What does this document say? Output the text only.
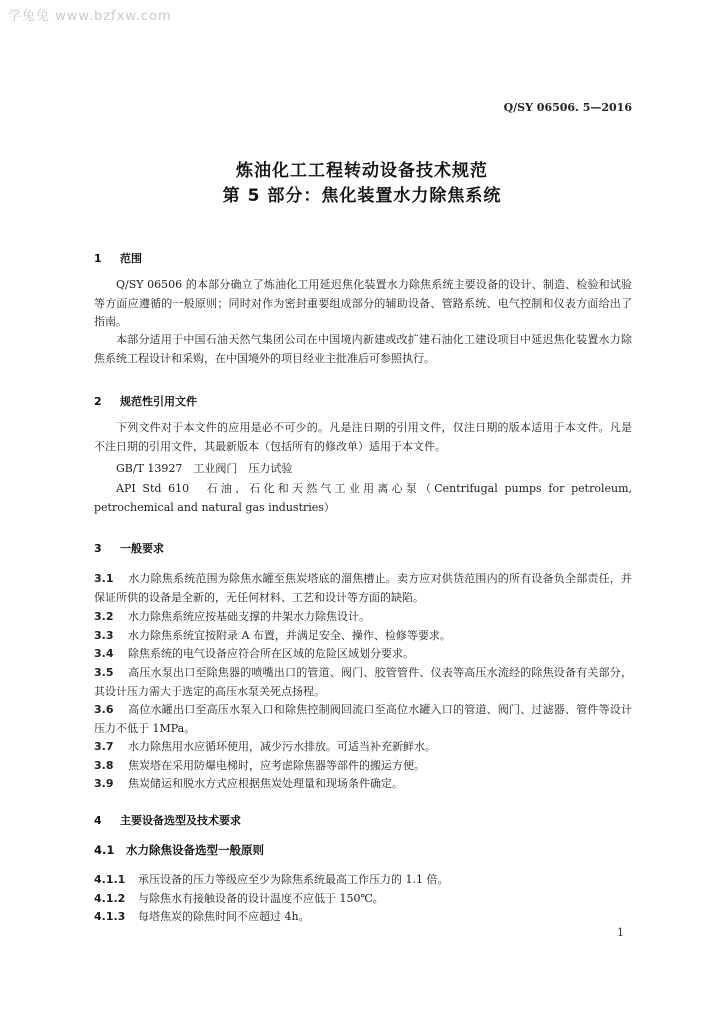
学兔兔 www.bzfxw.com
Q/SY 06506. 5—2016
炼油化工工程转动设备技术规范
第 5 部分：焦化装置水力除焦系统
1 范围
Q/SY 06506 的本部分确立了炼油化工用延迟焦化装置水力除焦系统主要设备的设计、制造、检验和试验等方面应遵循的一般原则；同时对作为密封重要组成部分的辅助设备、管路系统、电气控制和仪表方面给出了指南。
本部分适用于中国石油天然气集团公司在中国境内新建或改扩建石油化工建设项目中延迟焦化装置水力除焦系统工程设计和采购，在中国境外的项目经业主批准后可参照执行。
2 规范性引用文件
下列文件对于本文件的应用是必不可少的。凡是注日期的引用文件，仅注日期的版本适用于本文件。凡是不注日期的引用文件，其最新版本（包括所有的修改单）适用于本文件。
GB/T 13927　工业阀门　压力试验
API Std 610　石油、石化和天然气工业用离心泵（Centrifugal pumps for petroleum, petrochemical and natural gas industries）
3 一般要求
3.1 水力除焦系统范围为除焦水罐至焦炭塔底的溜焦槽止。卖方应对供货范围内的所有设备负全部责任，并保证所供的设备是全新的，无任何材料、工艺和设计等方面的缺陷。
3.2 水力除焦系统应按基础支撑的井架水力除焦设计。
3.3 水力除焦系统宜按附录 A 布置，并满足安全、操作、检修等要求。
3.4 除焦系统的电气设备应符合所在区域的危险区域划分要求。
3.5 高压水泵出口至除焦器的喷嘴出口的管道、阀门、胶管管件、仪表等高压水流经的除焦设备有关部分，其设计压力需大于选定的高压水泵关死点扬程。
3.6 高位水罐出口至高压水泵入口和除焦控制阀回流口至高位水罐入口的管道、阀门、过滤器、管件等设计压力不低于 1MPa。
3.7 水力除焦用水应循环使用，减少污水排放。可适当补充新鲜水。
3.8 焦炭塔在采用防爆电梯时，应考虑除焦器等部件的搬运方便。
3.9 焦炭储运和脱水方式应根据焦炭处理量和现场条件确定。
4 主要设备选型及技术要求
4.1 水力除焦设备选型一般原则
4.1.1 承压设备的压力等级应至少为除焦系统最高工作压力的 1.1 倍。
4.1.2 与除焦水有接触设备的设计温度不应低于 150℃。
4.1.3 每塔焦炭的除焦时间不应超过 4h。
1
